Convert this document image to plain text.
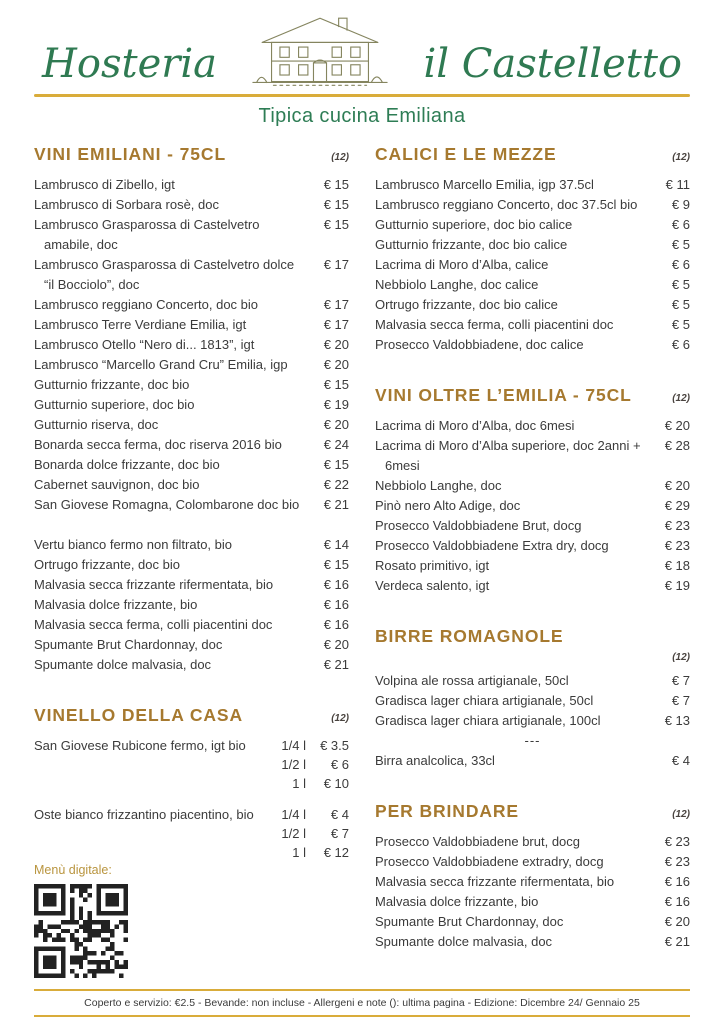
Hosteria	il Castelletto
Tipica cucina Emiliana
VINI EMILIANI - 75CL	(12)
Lambrusco di Zibello, igt	€ 15
Lambrusco di Sorbara rosè, doc	€ 15
Lambrusco Grasparossa di Castelvetro amabile, doc
€ 15
Lambrusco Grasparossa di Castelvetro dolce “il Bocciolo”, doc
€ 17
Lambrusco reggiano Concerto, doc bio	€ 17
Lambrusco Terre Verdiane Emilia, igt	€ 17
Lambrusco Otello “Nero di... 1813”, igt	€ 20
Lambrusco “Marcello Grand Cru” Emilia, igp	€ 20
Gutturnio frizzante, doc bio	€ 15
Gutturnio superiore, doc bio	€ 19
Gutturnio riserva, doc	€ 20
Bonarda secca ferma, doc riserva 2016 bio	€ 24
Bonarda dolce frizzante, doc bio	€ 15
Cabernet sauvignon, doc bio	€ 22
San Giovese Romagna, Colombarone doc bio	€ 21
Vertu bianco fermo non filtrato, bio	€ 14
Ortrugo frizzante, doc bio	€ 15
Malvasia secca frizzante rifermentata, bio	€ 16
Malvasia dolce frizzante, bio	€ 16
Malvasia secca ferma, colli piacentini doc	€ 16
Spumante Brut Chardonnay, doc	€ 20
Spumante dolce malvasia, doc	€ 21
VINELLO DELLA CASA	(12)
San Giovese Rubicone fermo, igt bio	1/4 l	€ 3.5
1/2 l	€ 6
1 l	€ 10
Oste bianco frizzantino piacentino, bio 1/4 l	€ 4
1/2 l	€ 7
1 l	€ 12
CALICI E LE MEZZE	(12)
Lambrusco Marcello Emilia, igp 37.5cl	€ 11
Lambrusco reggiano Concerto, doc 37.5cl bio	€ 9
Gutturnio superiore, doc bio calice	€ 6
Gutturnio frizzante, doc bio calice	€ 5
Lacrima di Moro d’Alba, calice	€ 6
Nebbiolo Langhe, doc calice	€ 5
Ortrugo frizzante, doc bio calice	€ 5
Malvasia secca ferma, colli piacentini doc	€ 5
Prosecco Valdobbiadene, doc calice	€ 6
VINI OLTRE L’EMILIA - 75CL	(12)
Lacrima di Moro d’Alba, doc 6mesi	€ 20
Lacrima di Moro d’Alba superiore, doc 2anni + 6mesi
€ 28
Nebbiolo Langhe, doc	€ 20
Pinò nero Alto Adige, doc	€ 29
Prosecco Valdobbiadene Brut, docg	€ 23
Prosecco Valdobbiadene Extra dry, docg	€ 23
Rosato primitivo, igt	€ 18
Verdeca salento, igt	€ 19
BIRRE ROMAGNOLE
(12)
Volpina ale rossa artigianale, 50cl	€ 7
Gradisca lager chiara artigianale, 50cl	€ 7
Gradisca lager chiara artigianale, 100cl	€ 13
---
Birra analcolica, 33cl	€ 4
PER BRINDARE	(12)
Prosecco Valdobbiadene brut, docg	€ 23
Prosecco Valdobbiadene extradry, docg	€ 23
Malvasia secca frizzante rifermentata, bio	€ 16
Malvasia dolce frizzante, bio	€ 16
Spumante Brut Chardonnay, doc	€ 20
Spumante dolce malvasia, doc	€ 21
Menù digitale:
Coperto e servizio: €2.5 - Bevande: non incluse - Allergeni e note (): ultima pagina - Edizione: Dicembre 24/ Gennaio 25
